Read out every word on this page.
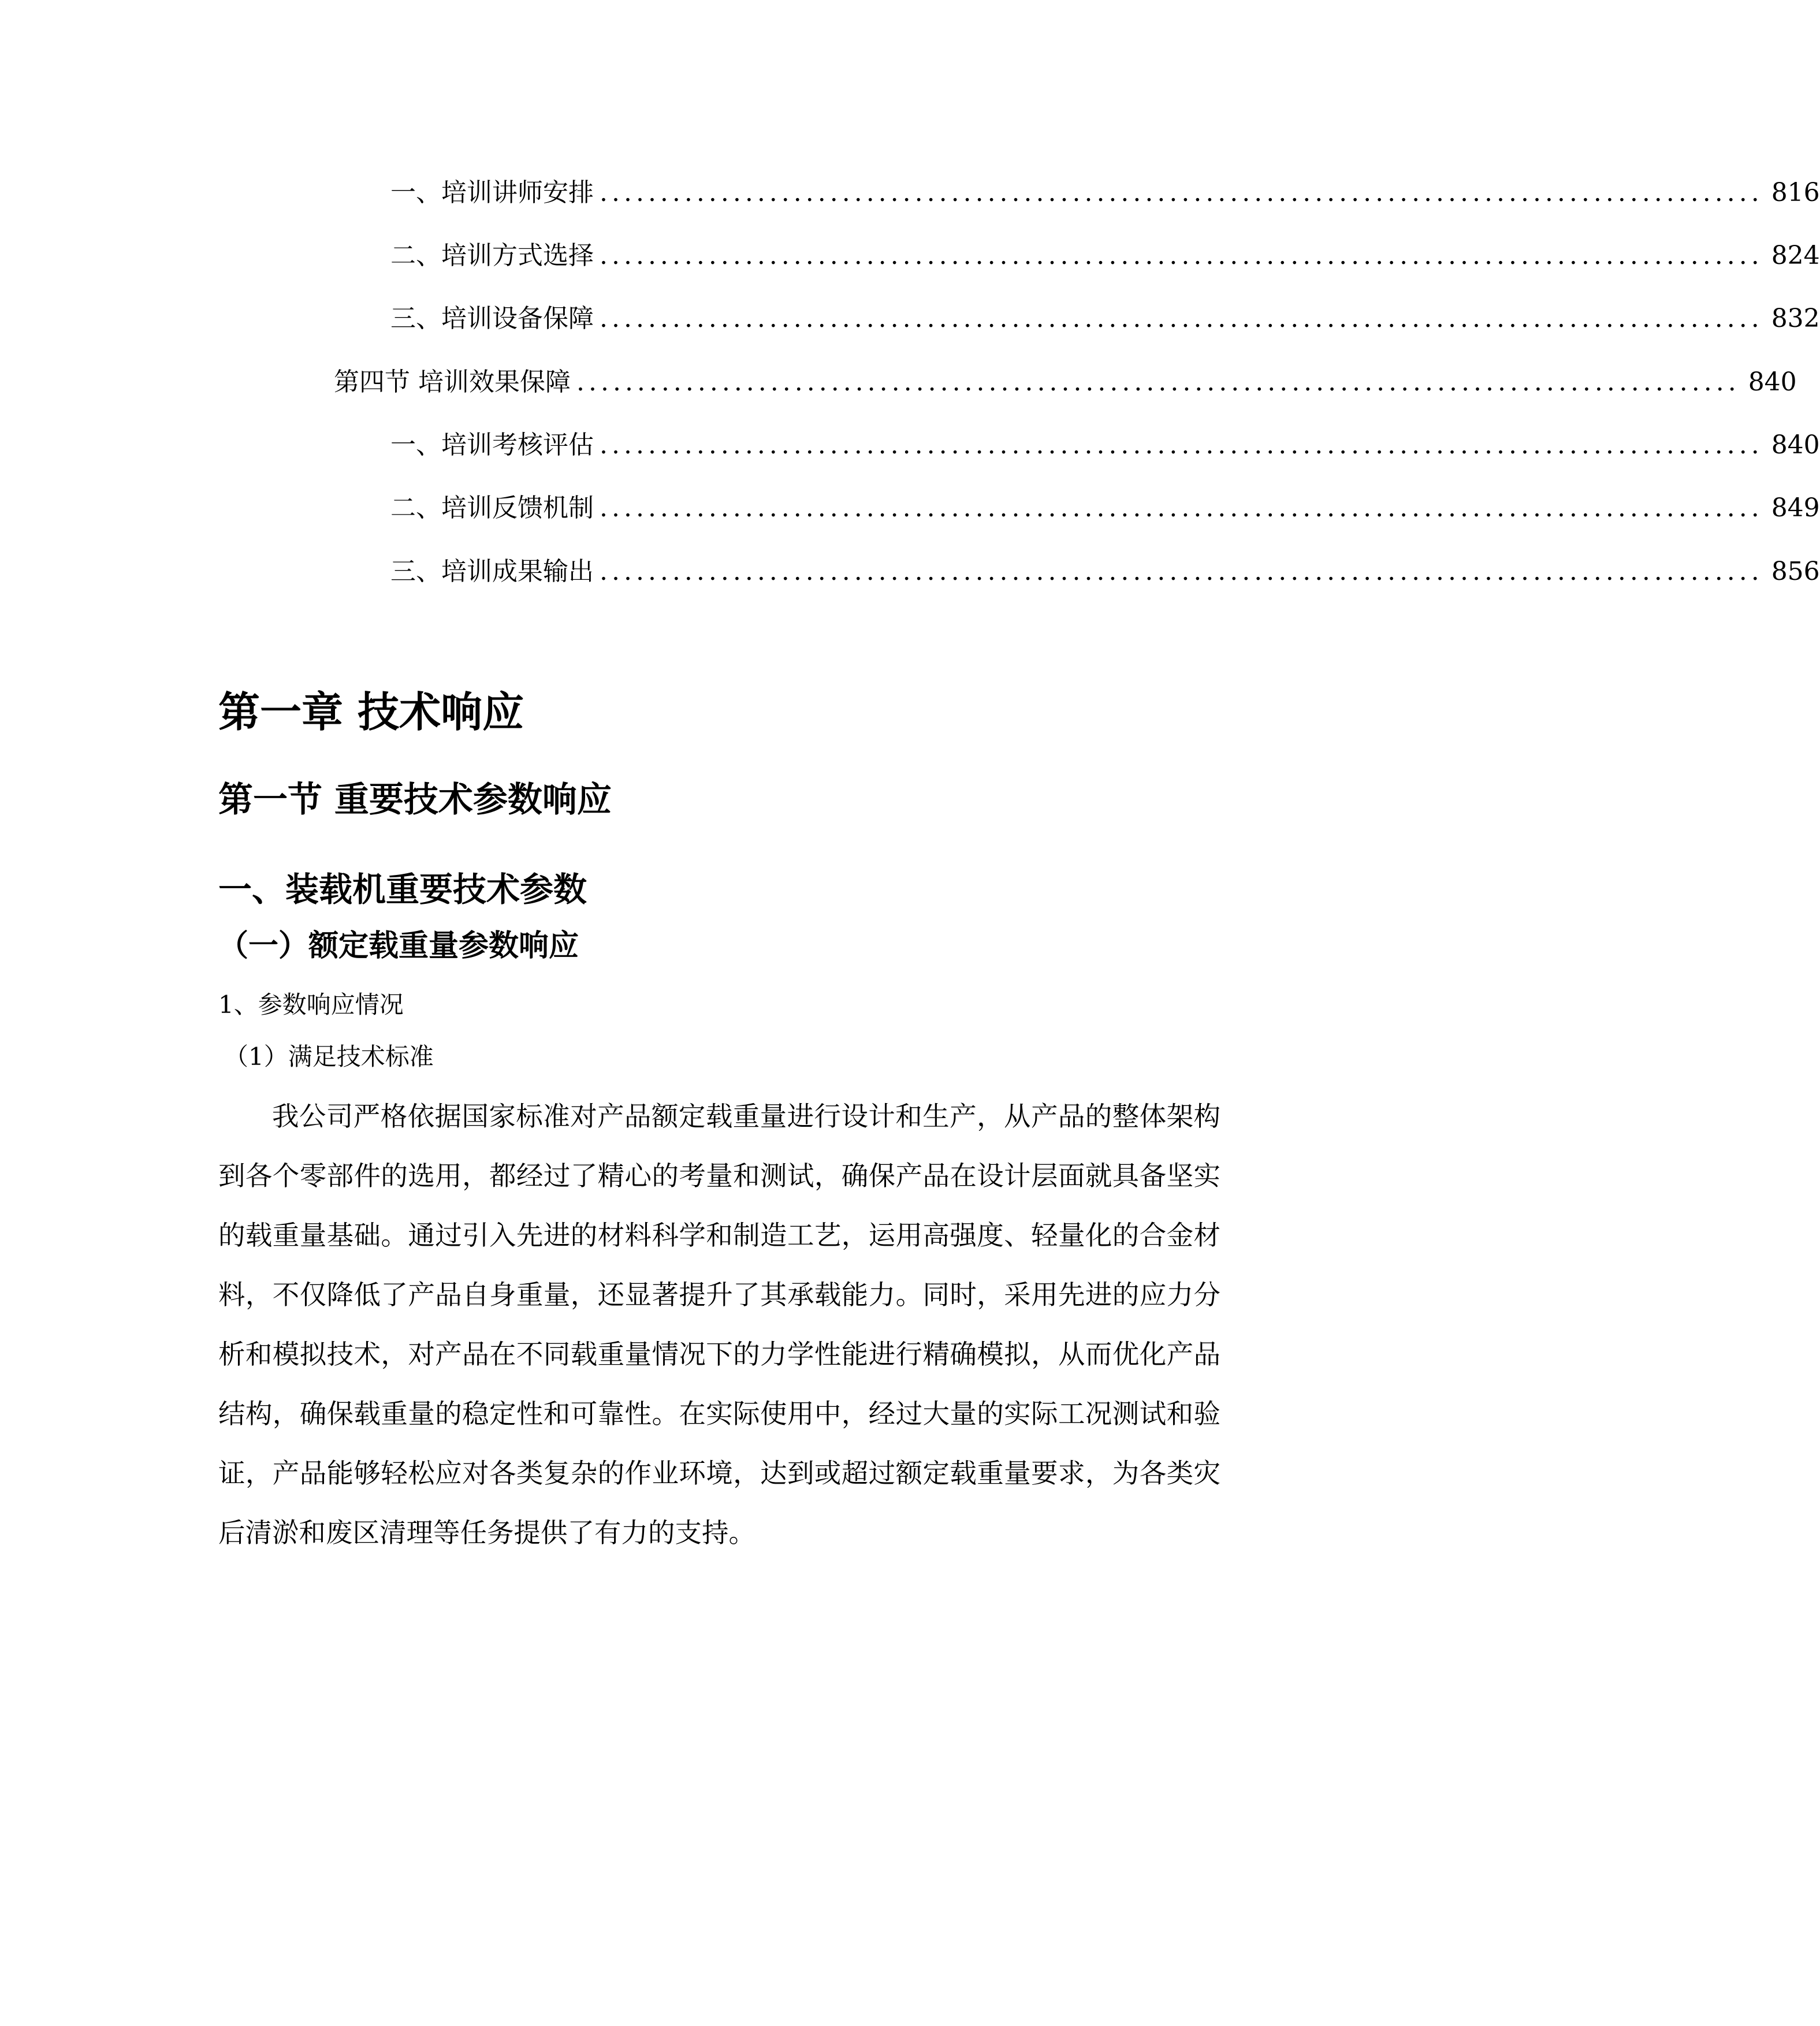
一、 培训讲师安排 ................................................................................................ 816
二、 培训方式选择 ................................................................................................ 824
三、 培训设备保障 ................................................................................................ 832
第四节 培训效果保障 ................................................................................................ 840
一、 培训考核评估 ................................................................................................ 840
二、 培训反馈机制 ................................................................................................ 849
三、 培训成果输出 ................................................................................................ 856
第一章 技术响应
第一节 重要技术参数响应
一、装载机重要技术参数
（一）额定载重量参数响应
1、参数响应情况
（1）满足技术标准

我公司严格依据国家标准对产品额定载重量进行设计和生产，从产品的整体架构到各个零部件的选用，都经过了精心的考量和测试，确保产品在设计层面就具备坚实的载重量基础。通过引入先进的材料科学和制造工艺，运用高强度、轻量化的合金材料，不仅降低了产品自身重量，还显著提升了其承载能力。同时，采用先进的应力分析和模拟技术，对产品在不同载重量情况下的力学性能进行精确模拟，从而优化产品结构，确保载重量的稳定性和可靠性。在实际使用中，经过大量的实际工况测试和验证，产品能够轻松应对各类复杂的作业环境，达到或超过额定载重量要求，为各类灾后清淤和废区清理等任务提供了有力的支持。
